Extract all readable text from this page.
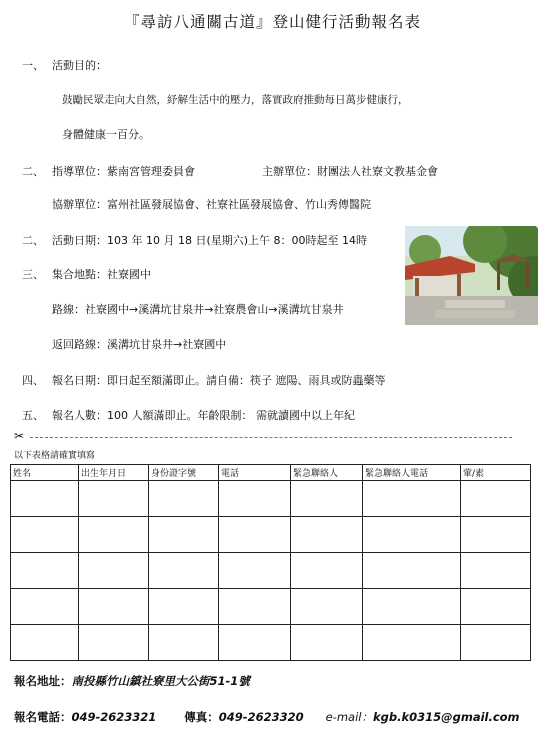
『尋訪八通關古道』登山健行活動報名表
一、 活動目的：
鼓勵民眾走向大自然，紓解生活中的壓力，落實政府推動每日萬步健康行，
身體健康一百分。
二、 指導單位：紫南宮管理委員會	主辦單位：財團法人社寮文教基金會
協辦單位：富州社區發展協會、社寮社區發展協會、竹山秀傳醫院
二、 活動日期：103 年 10 月 18 日(星期六)上午 8：00時起至 14時
三、 集合地點：社寮國中
路線：社寮國中→溪溝坑甘泉井→社寮農會山→溪溝坑甘泉井
返回路線：溪溝坑甘泉井→社寮國中
四、 報名日期：即日起至額滿即止。請自備：筷子 遮陽、雨具或防蟲藥等
五、 報名人數：100 人額滿即止。年齡限制： 需就讀國中以上年紀
✂
以下表格請確實填寫
姓名	出生年月日	身份證字號	電話	緊急聯絡人	緊急聯絡人電話	葷/素

報名地址：南投縣竹山鎮社寮里大公街51-1號
報名電話：049-2623321 傳真：049-2623320 e-mail：kgb.k0315@gmail.com
